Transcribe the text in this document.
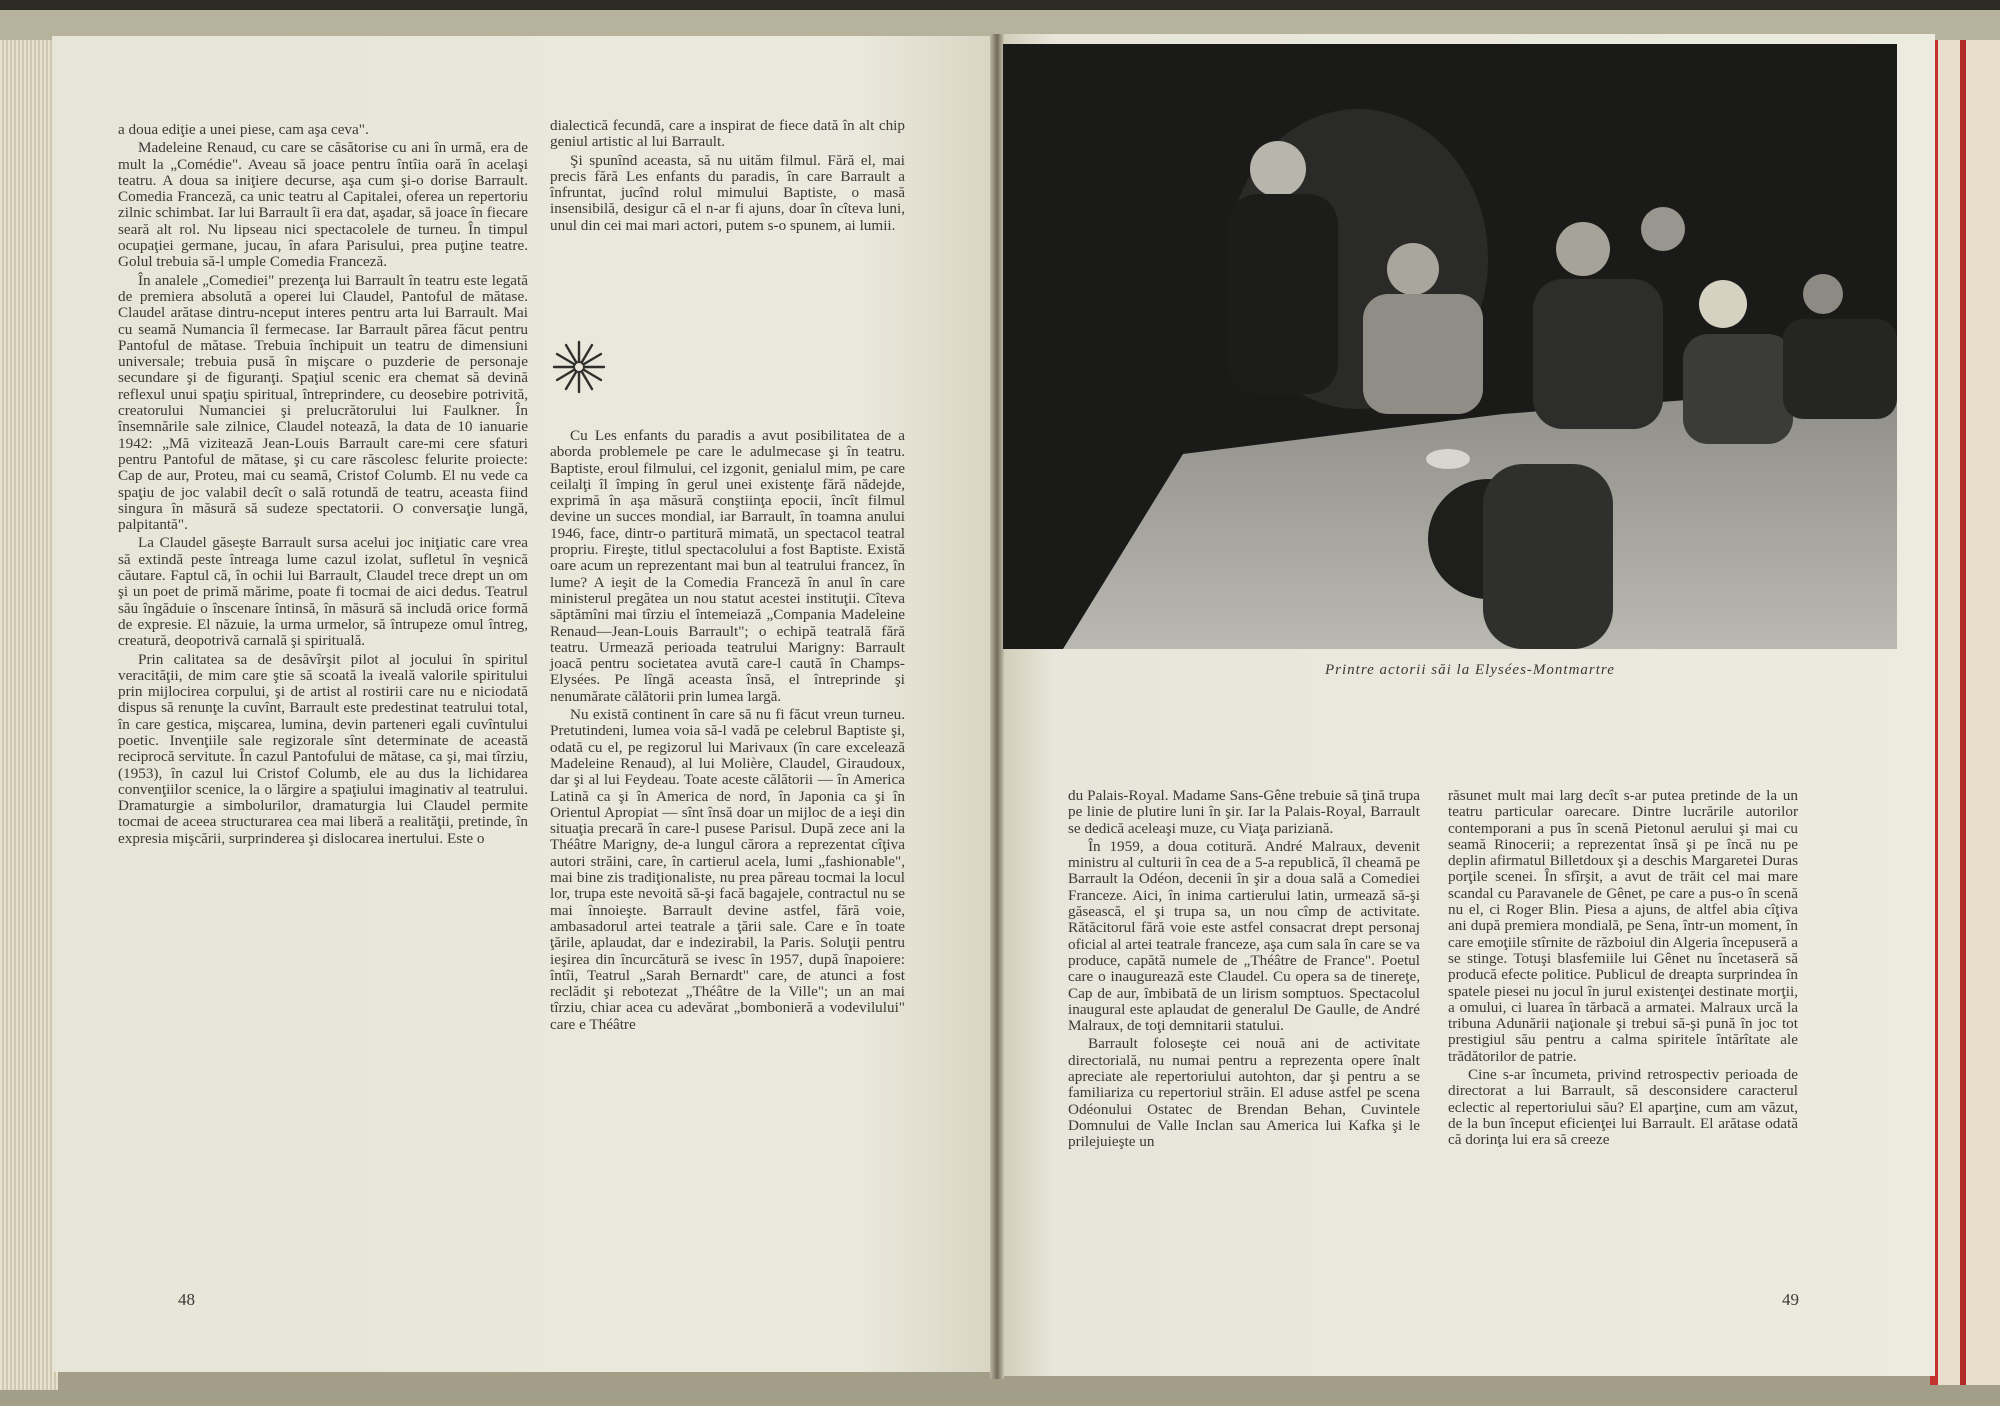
a doua ediţie a unei piese, cam aşa ceva".

Madeleine Renaud, cu care se căsătorise cu ani în urmă, era de mult la „Comédie". Aveau să joace pentru întîia oară în acelaşi teatru. A doua sa iniţiere decurse, aşa cum şi-o dorise Barrault. Comedia Franceză, ca unic teatru al Capitalei, oferea un repertoriu zilnic schimbat. Iar lui Barrault îi era dat, aşadar, să joace în fiecare seară alt rol. Nu lipseau nici spectacolele de turneu. În timpul ocupaţiei germane, jucau, în afara Parisului, prea puţine teatre. Golul trebuia să-l umple Comedia Franceză.

În analele „Comediei" prezenţa lui Barrault în teatru este legată de premiera absolută a operei lui Claudel, Pantoful de mătase. Claudel arătase dintru-nceput interes pentru arta lui Barrault. Mai cu seamă Numancia îl fermecase. Iar Barrault părea făcut pentru Pantoful de mătase. Trebuia închipuit un teatru de dimensiuni universale; trebuia pusă în mişcare o puzderie de personaje secundare şi de figuranţi. Spaţiul scenic era chemat să devină reflexul unui spaţiu spiritual, întreprindere, cu deosebire potrivită, creatorului Numanciei şi prelucrătorului lui Faulkner. În însemnările sale zilnice, Claudel notează, la data de 10 ianuarie 1942: „Mă vizitează Jean-Louis Barrault care-mi cere sfaturi pentru Pantoful de mătase, şi cu care răscolesc felurite proiecte: Cap de aur, Proteu, mai cu seamă, Cristof Columb. El nu vede ca spaţiu de joc valabil decît o sală rotundă de teatru, aceasta fiind singura în măsură să sudeze spectatorii. O conversaţie lungă, palpitantă".

La Claudel găseşte Barrault sursa acelui joc iniţiatic care vrea să extindă peste întreaga lume cazul izolat, sufletul în veşnică căutare. Faptul că, în ochii lui Barrault, Claudel trece drept un om şi un poet de primă mărime, poate fi tocmai de aici dedus. Teatrul său îngăduie o înscenare întinsă, în măsură să includă orice formă de expresie. El năzuie, la urma urmelor, să întrupeze omul întreg, creatură, deopotrivă carnală şi spirituală.

Prin calitatea sa de desăvîrşit pilot al jocului în spiritul veracităţii, de mim care ştie să scoată la iveală valorile spiritului prin mijlocirea corpului, şi de artist al rostirii care nu e niciodată dispus să renunţe la cuvînt, Barrault este predestinat teatrului total, în care gestica, mişcarea, lumina, devin parteneri egali cuvîntului poetic. Invenţiile sale regizorale sînt determinate de această reciprocă servitute. În cazul Pantofului de mătase, ca şi, mai tîrziu, (1953), în cazul lui Cristof Columb, ele au dus la lichidarea convenţiilor scenice, la o lărgire a spaţiului imaginativ al teatrului. Dramaturgie a simbolurilor, dramaturgia lui Claudel permite tocmai de aceea structurarea cea mai liberă a realităţii, pretinde, în expresia mişcării, surprinderea şi dislocarea inertului. Este o

dialectică fecundă, care a inspirat de fiece dată în alt chip geniul artistic al lui Barrault.

Şi spunînd aceasta, să nu uităm filmul. Fără el, mai precis fără Les enfants du paradis, în care Barrault a înfruntat, jucînd rolul mimului Baptiste, o masă insensibilă, desigur că el n-ar fi ajuns, doar în cîteva luni, unul din cei mai mari actori, putem s-o spunem, ai lumii.

Cu Les enfants du paradis a avut posibilitatea de a aborda problemele pe care le adulmecase şi în teatru. Baptiste, eroul filmului, cel izgonit, genialul mim, pe care ceilalţi îl împing în gerul unei existenţe fără nădejde, exprimă în aşa măsură conştiinţa epocii, încît filmul devine un succes mondial, iar Barrault, în toamna anului 1946, face, dintr-o partitură mimată, un spectacol teatral propriu. Fireşte, titlul spectacolului a fost Baptiste. Există oare acum un reprezentant mai bun al teatrului francez, în lume? A ieşit de la Comedia Franceză în anul în care ministerul pregătea un nou statut acestei instituţii. Cîteva săptămîni mai tîrziu el întemeiază „Compania Madeleine Renaud—Jean-Louis Barrault"; o echipă teatrală fără teatru. Urmează perioada teatrului Marigny: Barrault joacă pentru societatea avută care-l caută în Champs-Elysées. Pe lîngă aceasta însă, el întreprinde şi nenumărate călătorii prin lumea largă.

Nu există continent în care să nu fi făcut vreun turneu. Pretutindeni, lumea voia să-l vadă pe celebrul Baptiste şi, odată cu el, pe regizorul lui Marivaux (în care excelează Madeleine Renaud), al lui Molière, Claudel, Giraudoux, dar şi al lui Feydeau. Toate aceste călătorii — în America Latină ca şi în America de nord, în Japonia ca şi în Orientul Apropiat — sînt însă doar un mijloc de a ieşi din situaţia precară în care-l pusese Parisul. După zece ani la Théâtre Marigny, de-a lungul cărora a reprezentat cîţiva autori străini, care, în cartierul acela, lumi „fashionable", mai bine zis tradiţionaliste, nu prea păreau tocmai la locul lor, trupa este nevoită să-şi facă bagajele, contractul nu se mai înnoieşte. Barrault devine astfel, fără voie, ambasadorul artei teatrale a ţării sale. Care e în toate ţările, aplaudat, dar e indezirabil, la Paris. Soluţii pentru ieşirea din încurcătură se ivesc în 1957, după înapoiere: întîi, Teatrul „Sarah Bernardt" care, de atunci a fost reclădit şi rebotezat „Théâtre de la Ville"; un an mai tîrziu, chiar acea cu adevărat „bombonieră a vodevilului" care e Théâtre

48
Printre actorii săi la Elysées-Montmartre

du Palais-Royal. Madame Sans-Gêne trebuie să ţină trupa pe linie de plutire luni în şir. Iar la Palais-Royal, Barrault se dedică aceleaşi muze, cu Viaţa pariziană.

În 1959, a doua cotitură. André Malraux, devenit ministru al culturii în cea de a 5-a republică, îl cheamă pe Barrault la Odéon, decenii în şir a doua sală a Comediei Franceze. Aici, în inima cartierului latin, urmează să-şi găsească, el şi trupa sa, un nou cîmp de activitate. Rătăcitorul fără voie este astfel consacrat drept personaj oficial al artei teatrale franceze, aşa cum sala în care se va produce, capătă numele de „Théâtre de France". Poetul care o inaugurează este Claudel. Cu opera sa de tinereţe, Cap de aur, îmbibată de un lirism somptuos. Spectacolul inaugural este aplaudat de generalul De Gaulle, de André Malraux, de toţi demnitarii statului.

Barrault foloseşte cei nouă ani de activitate directorială, nu numai pentru a reprezenta opere înalt apreciate ale repertoriului autohton, dar şi pentru a se familiariza cu repertoriul străin. El aduse astfel pe scena Odéonului Ostatec de Brendan Behan, Cuvintele Domnului de Valle Inclan sau America lui Kafka şi le prilejuieşte un

răsunet mult mai larg decît s-ar putea pretinde de la un teatru particular oarecare. Dintre lucrările autorilor contemporani a pus în scenă Pietonul aerului şi mai cu seamă Rinocerii; a reprezentat însă şi pe încă nu pe deplin afirmatul Billetdoux şi a deschis Margaretei Duras porţile scenei. În sfîrşit, a avut de trăit cel mai mare scandal cu Paravanele de Gênet, pe care a pus-o în scenă nu el, ci Roger Blin. Piesa a ajuns, de altfel abia cîţiva ani după premiera mondială, pe Sena, într-un moment, în care emoţiile stîrnite de războiul din Algeria începuseră a se stinge. Totuşi blasfemiile lui Gênet nu încetaseră să producă efecte politice. Publicul de dreapta surprindea în spatele piesei nu jocul în jurul existenţei destinate morţii, a omului, ci luarea în tărbacă a armatei. Malraux urcă la tribuna Adunării naţionale şi trebui să-şi pună în joc tot prestigiul său pentru a calma spiritele întărîtate ale trădătorilor de patrie.

Cine s-ar încumeta, privind retrospectiv perioada de directorat a lui Barrault, să desconsidere caracterul eclectic al repertoriului său? El aparţine, cum am văzut, de la bun început eficienţei lui Barrault. El arătase odată că dorinţa lui era să creeze

49
